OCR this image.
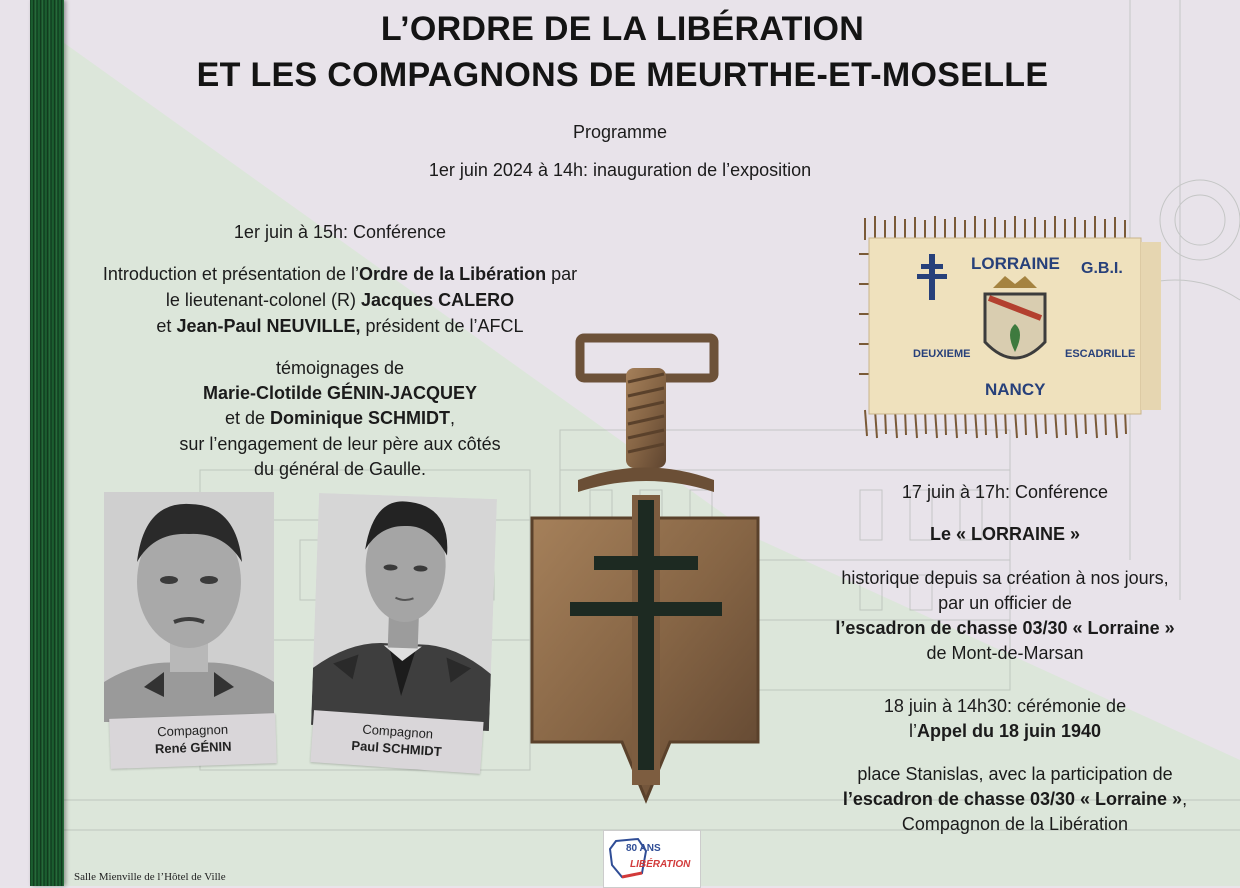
L’ORDRE DE LA LIBÉRATION
ET LES COMPAGNONS DE MEURTHE-ET-MOSELLE
Programme
1er juin 2024 à 14h: inauguration de l’exposition
1er juin à 15h: Conférence
Introduction et présentation de l’Ordre de la Libération par
le lieutenant-colonel (R) Jacques CALERO
et Jean-Paul NEUVILLE, président de l’AFCL
témoignages de
Marie-Clotilde GÉNIN-JACQUEY
et de Dominique SCHMIDT,
sur l’engagement de leur père aux côtés
du général de Gaulle.
Compagnon
René GÉNIN
Compagnon
Paul SCHMIDT
LORRAINE G.B.I.
DEUXIEME	ESCADRILLE
NANCY
17 juin à 17h: Conférence
Le « LORRAINE »
historique depuis sa création à nos jours,
par un officier de
l’escadron de chasse 03/30 « Lorraine »
de Mont-de-Marsan
18 juin à 14h30: cérémonie de
l’Appel du 18 juin 1940
place Stanislas, avec la participation de
l’escadron de chasse 03/30 « Lorraine »,
Compagnon de la Libération
80 ANS
LIBÉRATION
Salle Mienville de l’Hôtel de Ville
